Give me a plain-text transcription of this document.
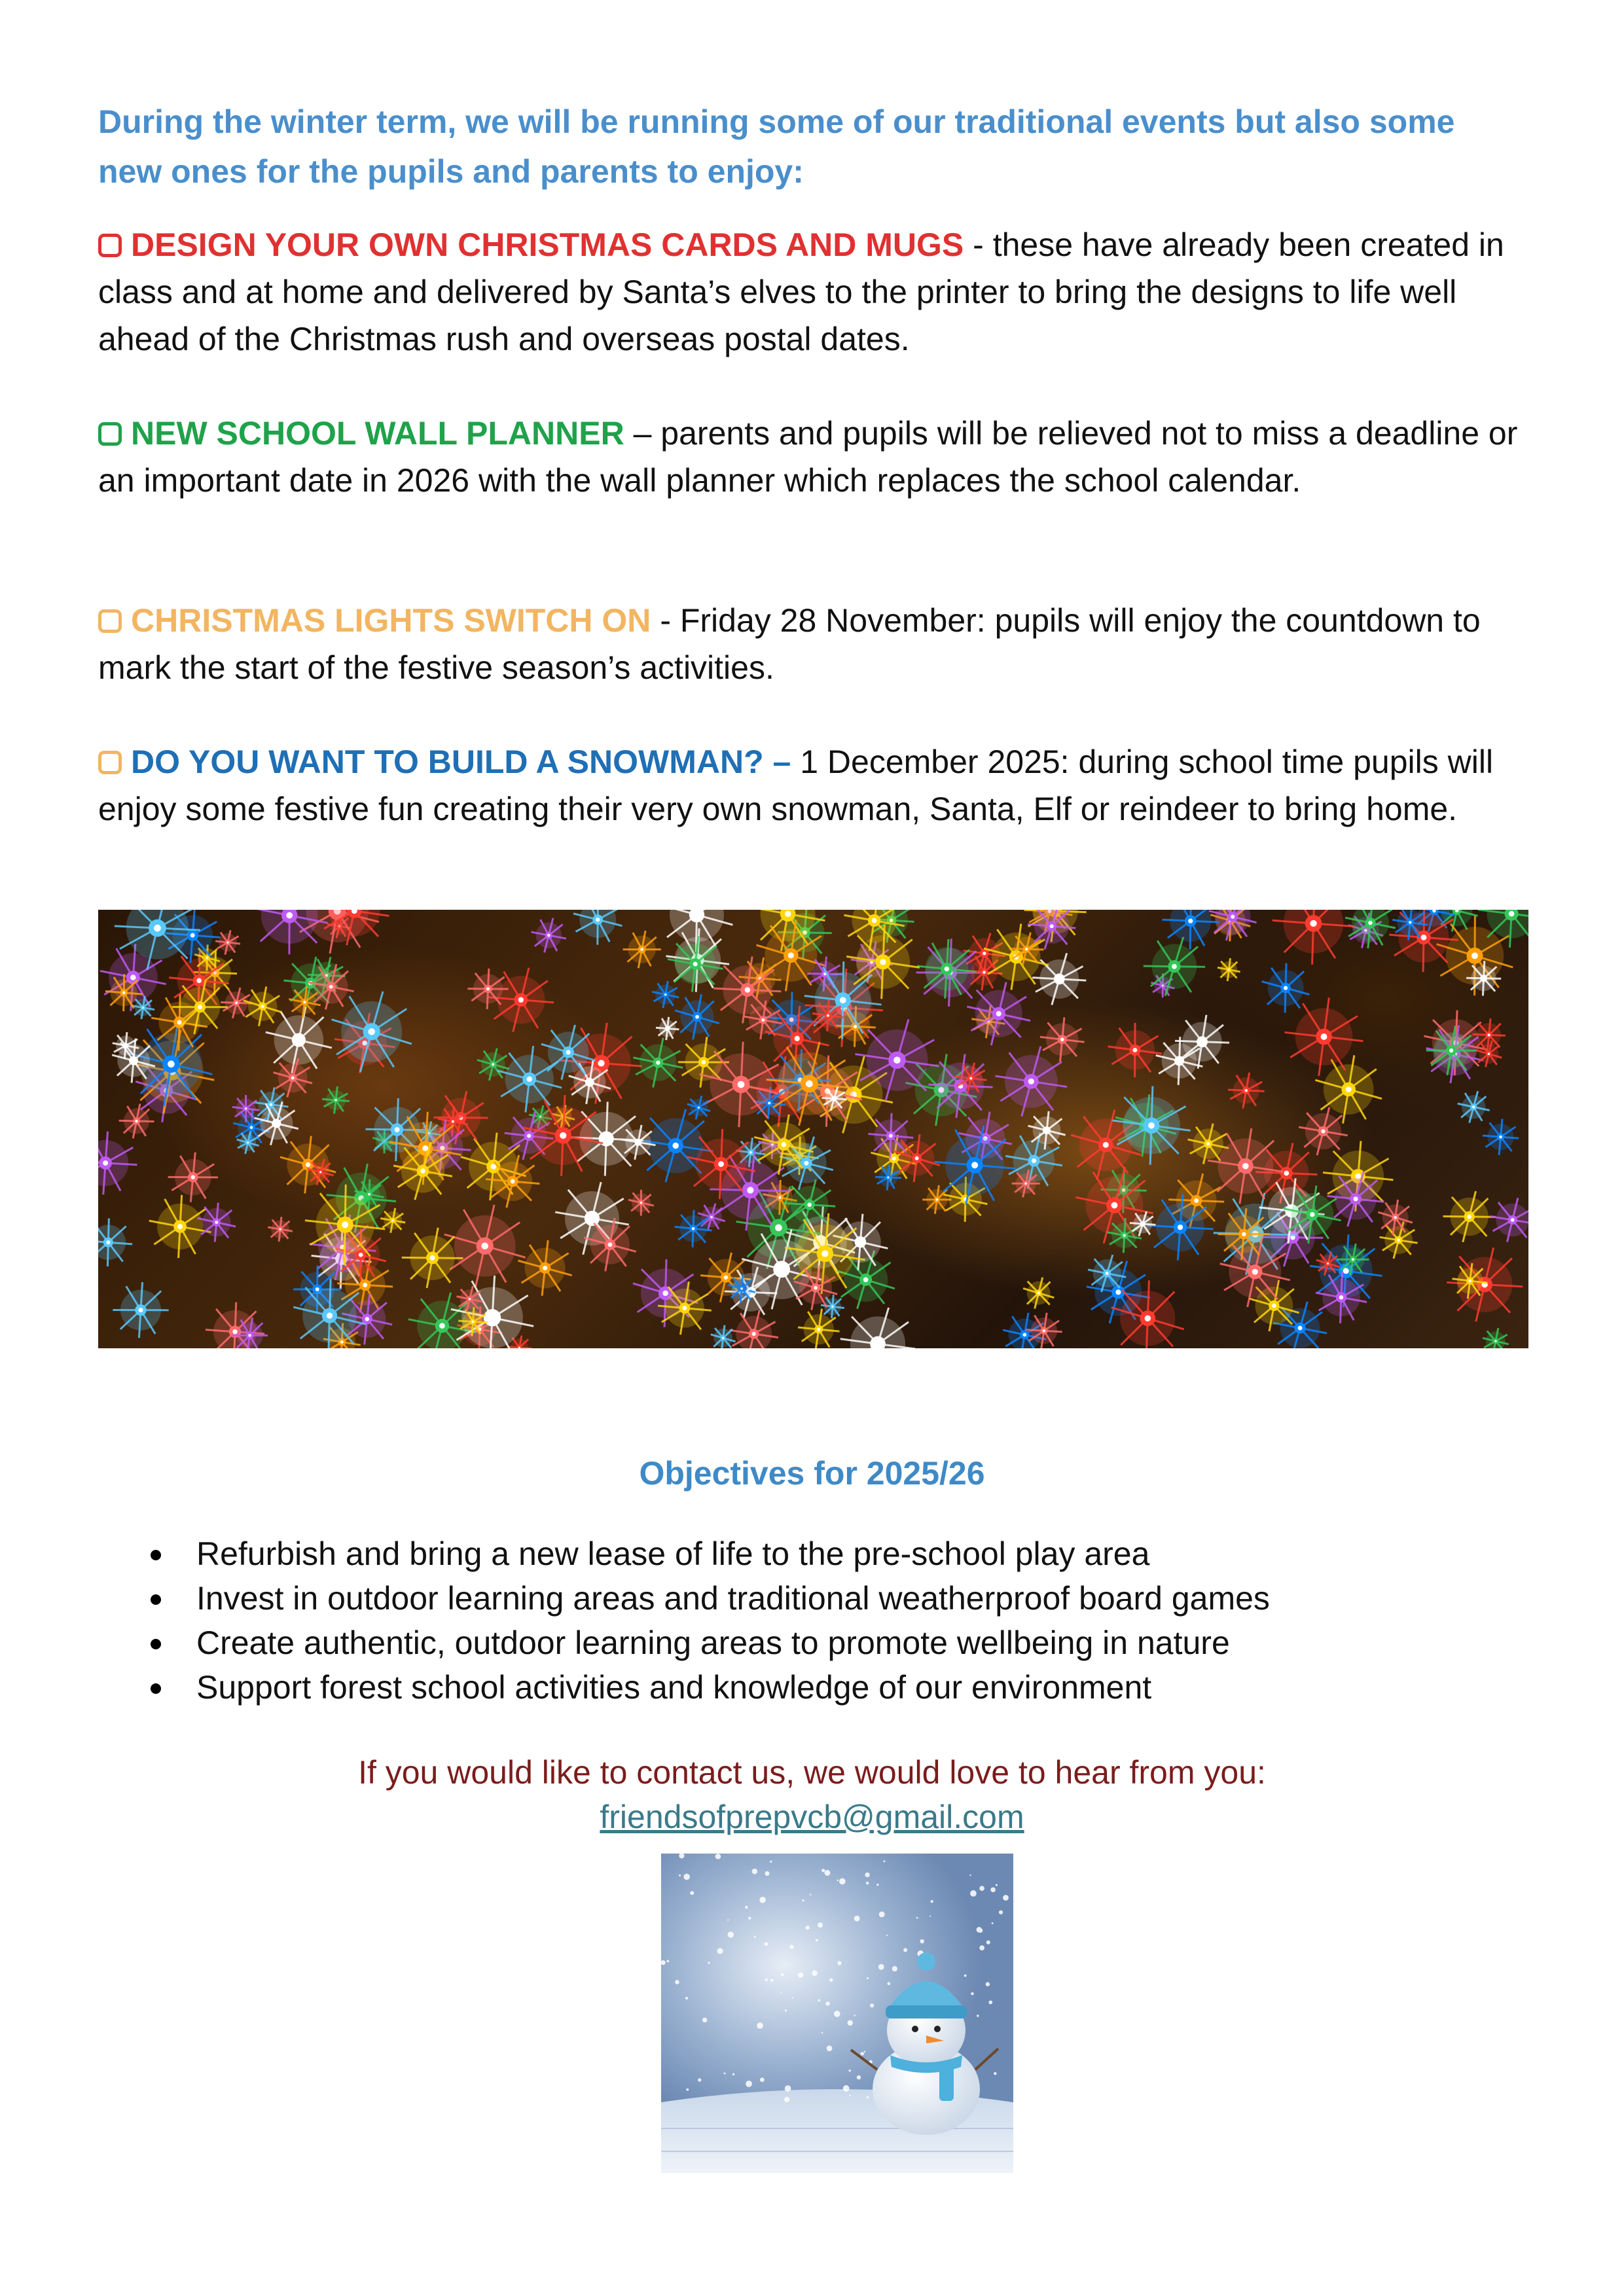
During the winter term, we will be running some of our traditional events but also some new ones for the pupils and parents to enjoy:
DESIGN YOUR OWN CHRISTMAS CARDS AND MUGS - these have already been created in class and at home and delivered by Santa’s elves to the printer to bring the designs to life well ahead of the Christmas rush and overseas postal dates.
NEW SCHOOL WALL PLANNER – parents and pupils will be relieved not to miss a deadline or an important date in 2026 with the wall planner which replaces the school calendar.
CHRISTMAS LIGHTS SWITCH ON - Friday 28 November: pupils will enjoy the countdown to mark the start of the festive season’s activities.
DO YOU WANT TO BUILD A SNOWMAN? – 1 December 2025: during school time pupils will enjoy some festive fun creating their very own snowman, Santa, Elf or reindeer to bring home.
Objectives for 2025/26
Refurbish and bring a new lease of life to the pre-school play area
Invest in outdoor learning areas and traditional weatherproof board games
Create authentic, outdoor learning areas to promote wellbeing in nature
Support forest school activities and knowledge of our environment
If you would like to contact us, we would love to hear from you:
friendsofprepvcb@gmail.com
